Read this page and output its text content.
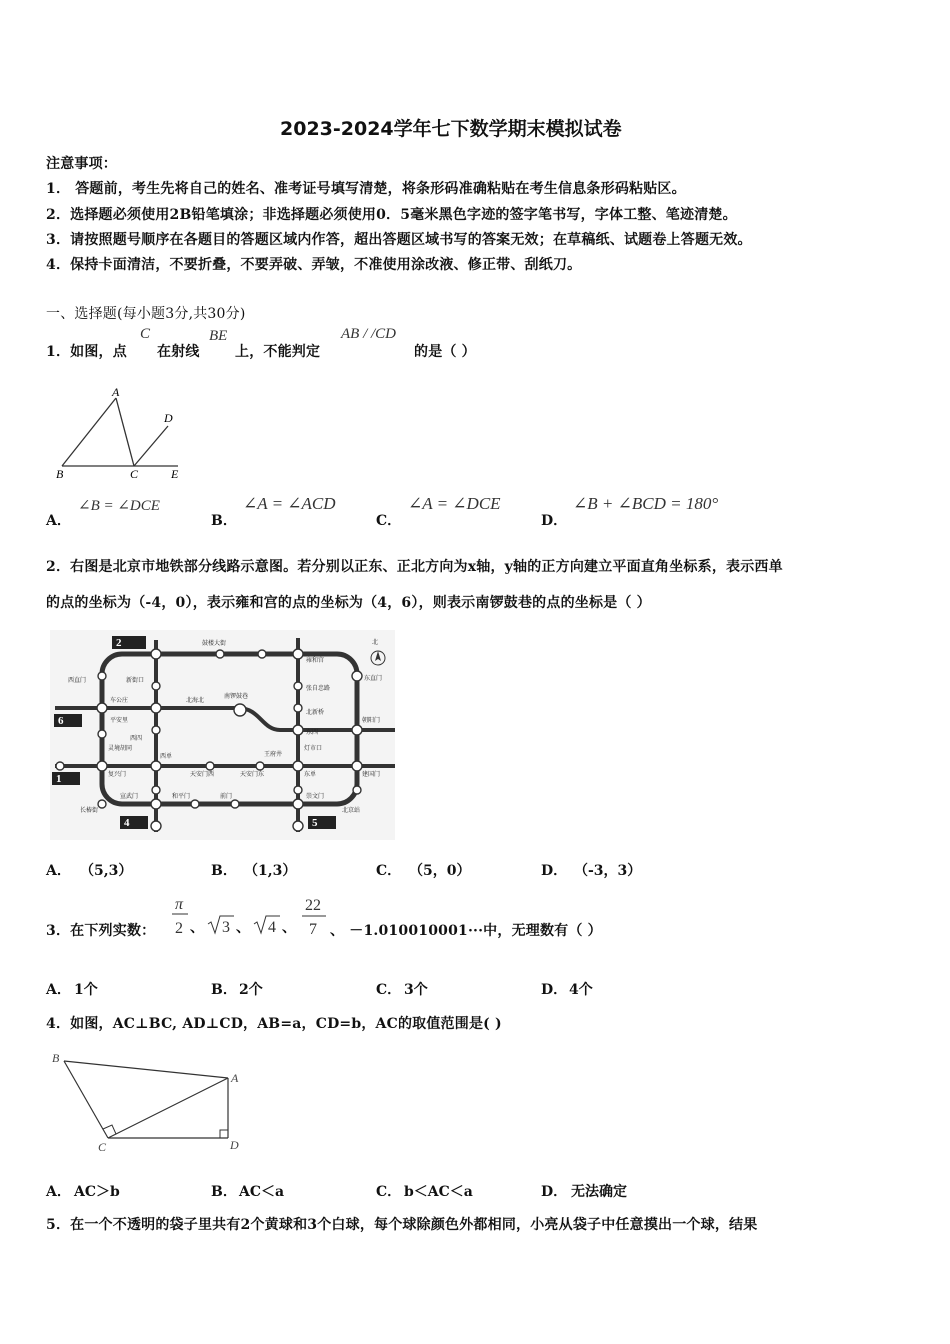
2023-2024学年七下数学期末模拟试卷
注意事项：
1． 答题前，考生先将自己的姓名、准考证号填写清楚，将条形码准确粘贴在考生信息条形码粘贴区。
2．选择题必须使用2B铅笔填涂；非选择题必须使用0．5毫米黑色字迹的签字笔书写，字体工整、笔迹清楚。
3．请按照题号顺序在各题目的答题区域内作答，超出答题区域书写的答案无效；在草稿纸、试题卷上答题无效。
4．保持卡面清洁，不要折叠，不要弄破、弄皱，不准使用涂改液、修正带、刮纸刀。
一、选择题(每小题3分,共30分)
1．如图，点
C
在射线
BE
上，不能判定
AB / /CD
的是（ ）
A
D
B	C	E
A．
∠B = ∠DCE
B．
∠A = ∠ACD
C．
∠A = ∠DCE
D．
∠B + ∠BCD = 180°
2．右图是北京市地铁部分线路示意图。若分别以正东、正北方向为x轴，y轴的正方向建立平面直角坐标系，表示西单
的点的坐标为（-4，0），表示雍和宫的点的坐标为（4，6），则表示南锣鼓巷的点的坐标是（ ）
2
6
1
4	5
北
鼓楼大街
雍和宫
西直门	新街口	东直门
车公庄	北海北
南锣鼓巷
张自忠路
平安里
北新桥
西四
东四
朝阳门
灵境胡同
西单	王府井
灯市口
复兴门	天安门西	天安门东	东单	建国门
宣武门	和平门	前门	崇文门
长椿街	北京站
A． （5,3）	B． （1,3）	C． （5，0）	D． （-3，3）
3．在下列实数：
π
2 、 3 、 4 、
22
7 、 －1.010010001···中，无理数有（ ）
A． 1个	B． 2个	C． 3个	D． 4个
4．如图，AC⊥BC, AD⊥CD，AB=a，CD=b，AC的取值范围是( )
B
A
C	D
A． AC＞b	B． AC＜a	C． b＜AC＜a	D． 无法确定
5．在一个不透明的袋子里共有2个黄球和3个白球，每个球除颜色外都相同，小亮从袋子中任意摸出一个球，结果
